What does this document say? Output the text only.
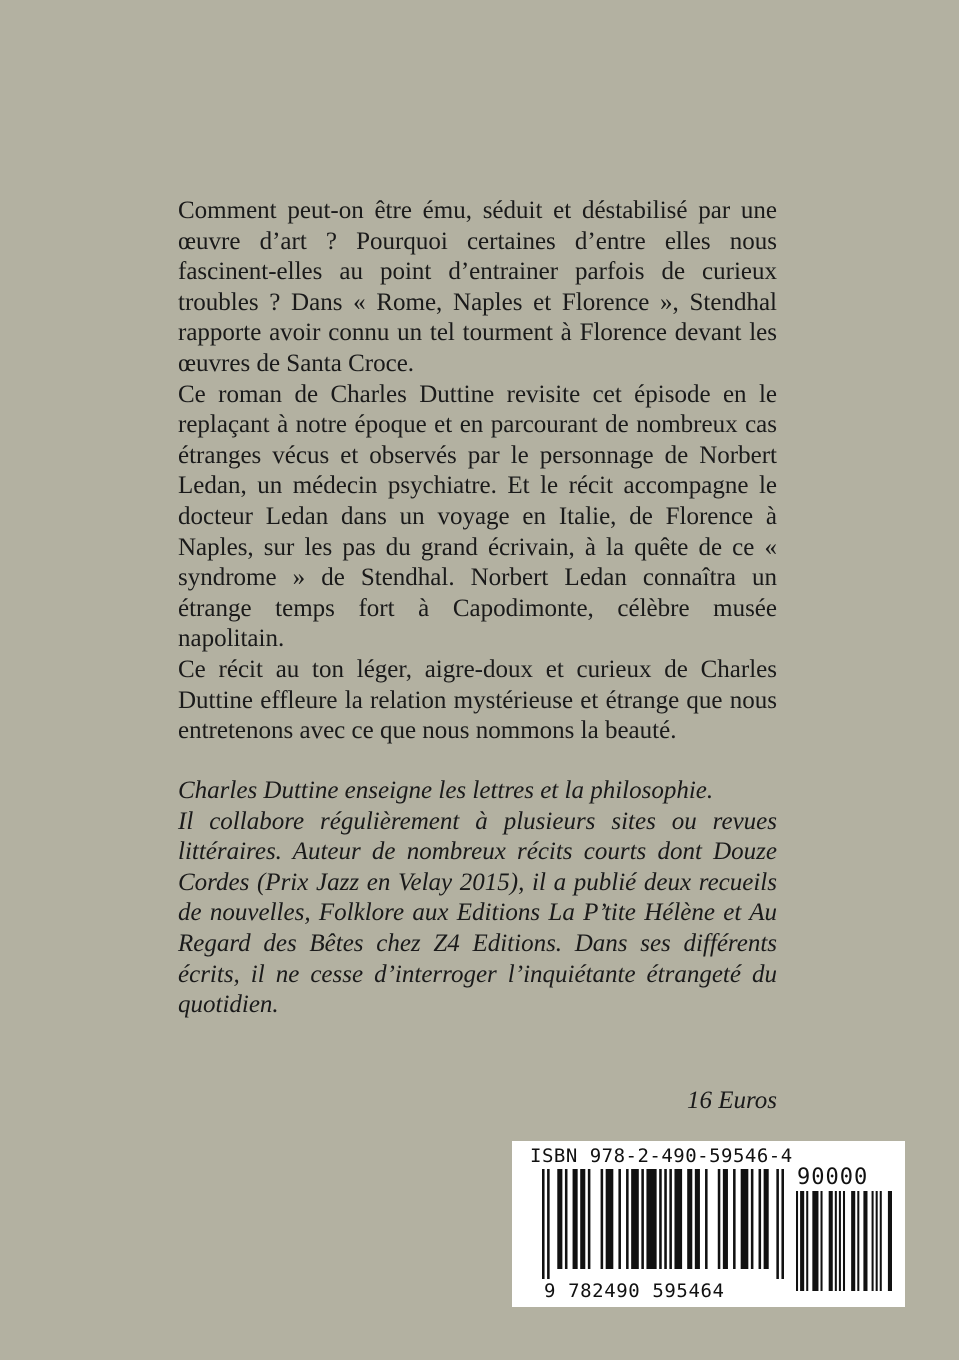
Comment peut-on être ému, séduit et déstabilisé par une œuvre d’art ? Pourquoi certaines d’entre elles nous fascinent-elles au point d’entrainer parfois de curieux troubles ? Dans « Rome, Naples et Florence », Stendhal rapporte avoir connu un tel tourment à Florence devant les œuvres de Santa Croce.

Ce roman de Charles Duttine revisite cet épisode en le replaçant à notre époque et en parcourant de nombreux cas étranges vécus et observés par le personnage de Norbert Ledan, un médecin psychiatre. Et le récit accompagne le docteur Ledan dans un voyage en Italie, de Florence à Naples, sur les pas du grand écrivain, à la quête de ce « syndrome » de Stendhal. Norbert Ledan connaîtra un étrange temps fort à Capodimonte, célèbre musée napolitain.

Ce récit au ton léger, aigre-doux et curieux de Charles Duttine effleure la relation mystérieuse et étrange que nous entretenons avec ce que nous nommons la beauté.

Charles Duttine enseigne les lettres et la philosophie.

Il collabore régulièrement à plusieurs sites ou revues littéraires. Auteur de nombreux récits courts dont Douze Cordes (Prix Jazz en Velay 2015), il a publié deux recueils de nouvelles, Folklore aux Editions La P’tite Hélène et Au Regard des Bêtes chez Z4 Editions. Dans ses différents écrits, il ne cesse d’interroger l’inquiétante étrangeté du quotidien.

16 Euros
ISBN 978-2-490-59546-4
90000
9 782490 595464
